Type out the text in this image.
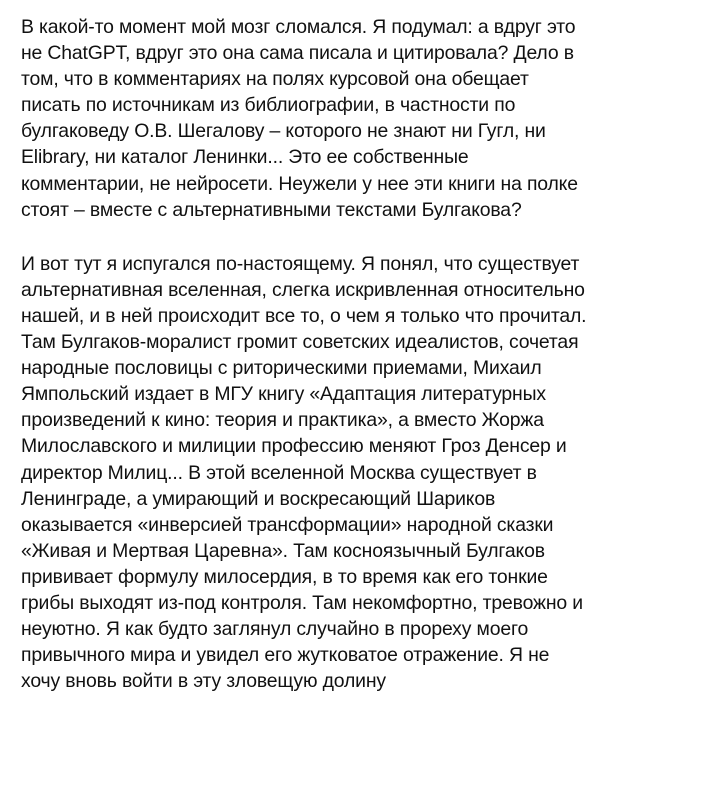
В какой-то момент мой мозг сломался. Я подумал: а вдруг это
не ChatGPT, вдруг это она сама писала и цитировала? Дело в
том, что в комментариях на полях курсовой она обещает
писать по источникам из библиографии, в частности по
булгаковеду О.В. Шегалову – которого не знают ни Гугл, ни
Elibrary, ни каталог Ленинки... Это ее собственные
комментарии, не нейросети. Неужели у нее эти книги на полке
стоят – вместе с альтернативными текстами Булгакова?

И вот тут я испугался по-настоящему. Я понял, что существует
альтернативная вселенная, слегка искривленная относительно
нашей, и в ней происходит все то, о чем я только что прочитал.
Там Булгаков-моралист громит советских идеалистов, сочетая
народные пословицы с риторическими приемами, Михаил
Ямпольский издает в МГУ книгу «Адаптация литературных
произведений к кино: теория и практика», а вместо Жоржа
Милославского и милиции профессию меняют Гроз Денсер и
директор Милиц... В этой вселенной Москва существует в
Ленинграде, а умирающий и воскресающий Шариков
оказывается «инверсией трансформации» народной сказки
«Живая и Мертвая Царевна». Там косноязычный Булгаков
прививает формулу милосердия, в то время как его тонкие
грибы выходят из-под контроля. Там некомфортно, тревожно и
неуютно. Я как будто заглянул случайно в прореху моего
привычного мира и увидел его жутковатое отражение. Я не
хочу вновь войти в эту зловещую долину
